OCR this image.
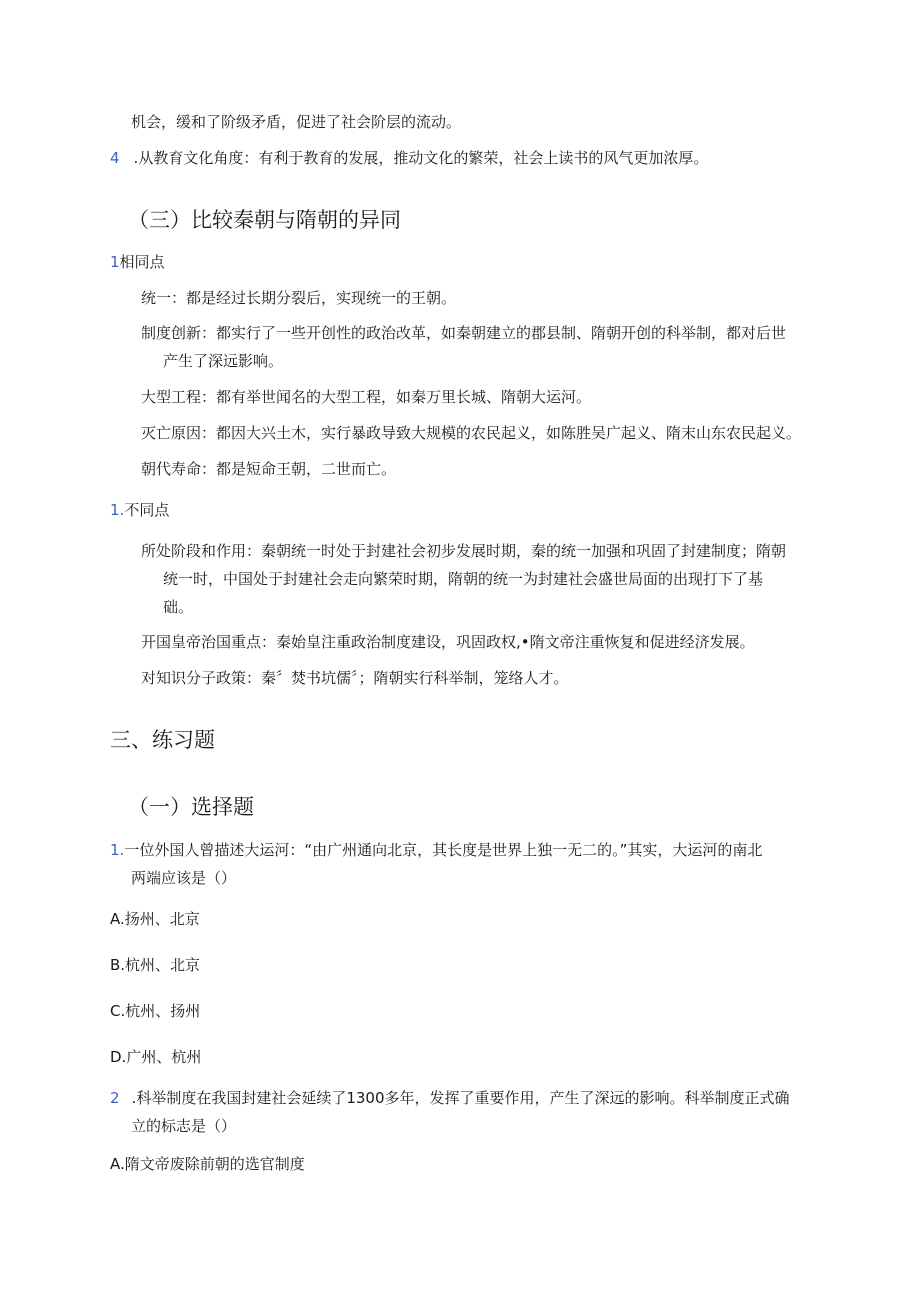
机会，缓和了阶级矛盾，促进了社会阶层的流动。
4 .从教育文化角度：有利于教育的发展，推动文化的繁荣，社会上读书的风气更加浓厚。
（三）比较秦朝与隋朝的异同
1相同点
统一：都是经过长期分裂后，实现统一的王朝。
制度创新：都实行了一些开创性的政治改革，如秦朝建立的郡县制、隋朝开创的科举制，都对后世
产生了深远影响。
大型工程：都有举世闻名的大型工程，如秦万里长城、隋朝大运河。
灭亡原因：都因大兴土木，实行暴政导致大规模的农民起义，如陈胜吴广起义、隋末山东农民起义。
朝代寿命：都是短命王朝，二世而亡。
1.不同点
所处阶段和作用：秦朝统一时处于封建社会初步发展时期，秦的统一加强和巩固了封建制度；隋朝
统一时，中国处于封建社会走向繁荣时期，隋朝的统一为封建社会盛世局面的出现打下了基
础。
开国皇帝治国重点：秦始皇注重政治制度建设，巩固政权,•隋文帝注重恢复和促进经济发展。
对知识分子政策：秦〞焚书坑儒〞；隋朝实行科举制，笼络人才。
三、练习题
（一）选择题
1.一位外国人曾描述大运河：“由广州通向北京，其长度是世界上独一无二的。”其实，大运河的南北
两端应该是（）
A.扬州、北京
B.杭州、北京
C.杭州、扬州
D.广州、杭州
2 .科举制度在我国封建社会延续了1300多年，发挥了重要作用，产生了深远的影响。科举制度正式确
立的标志是（）
A.隋文帝废除前朝的选官制度
